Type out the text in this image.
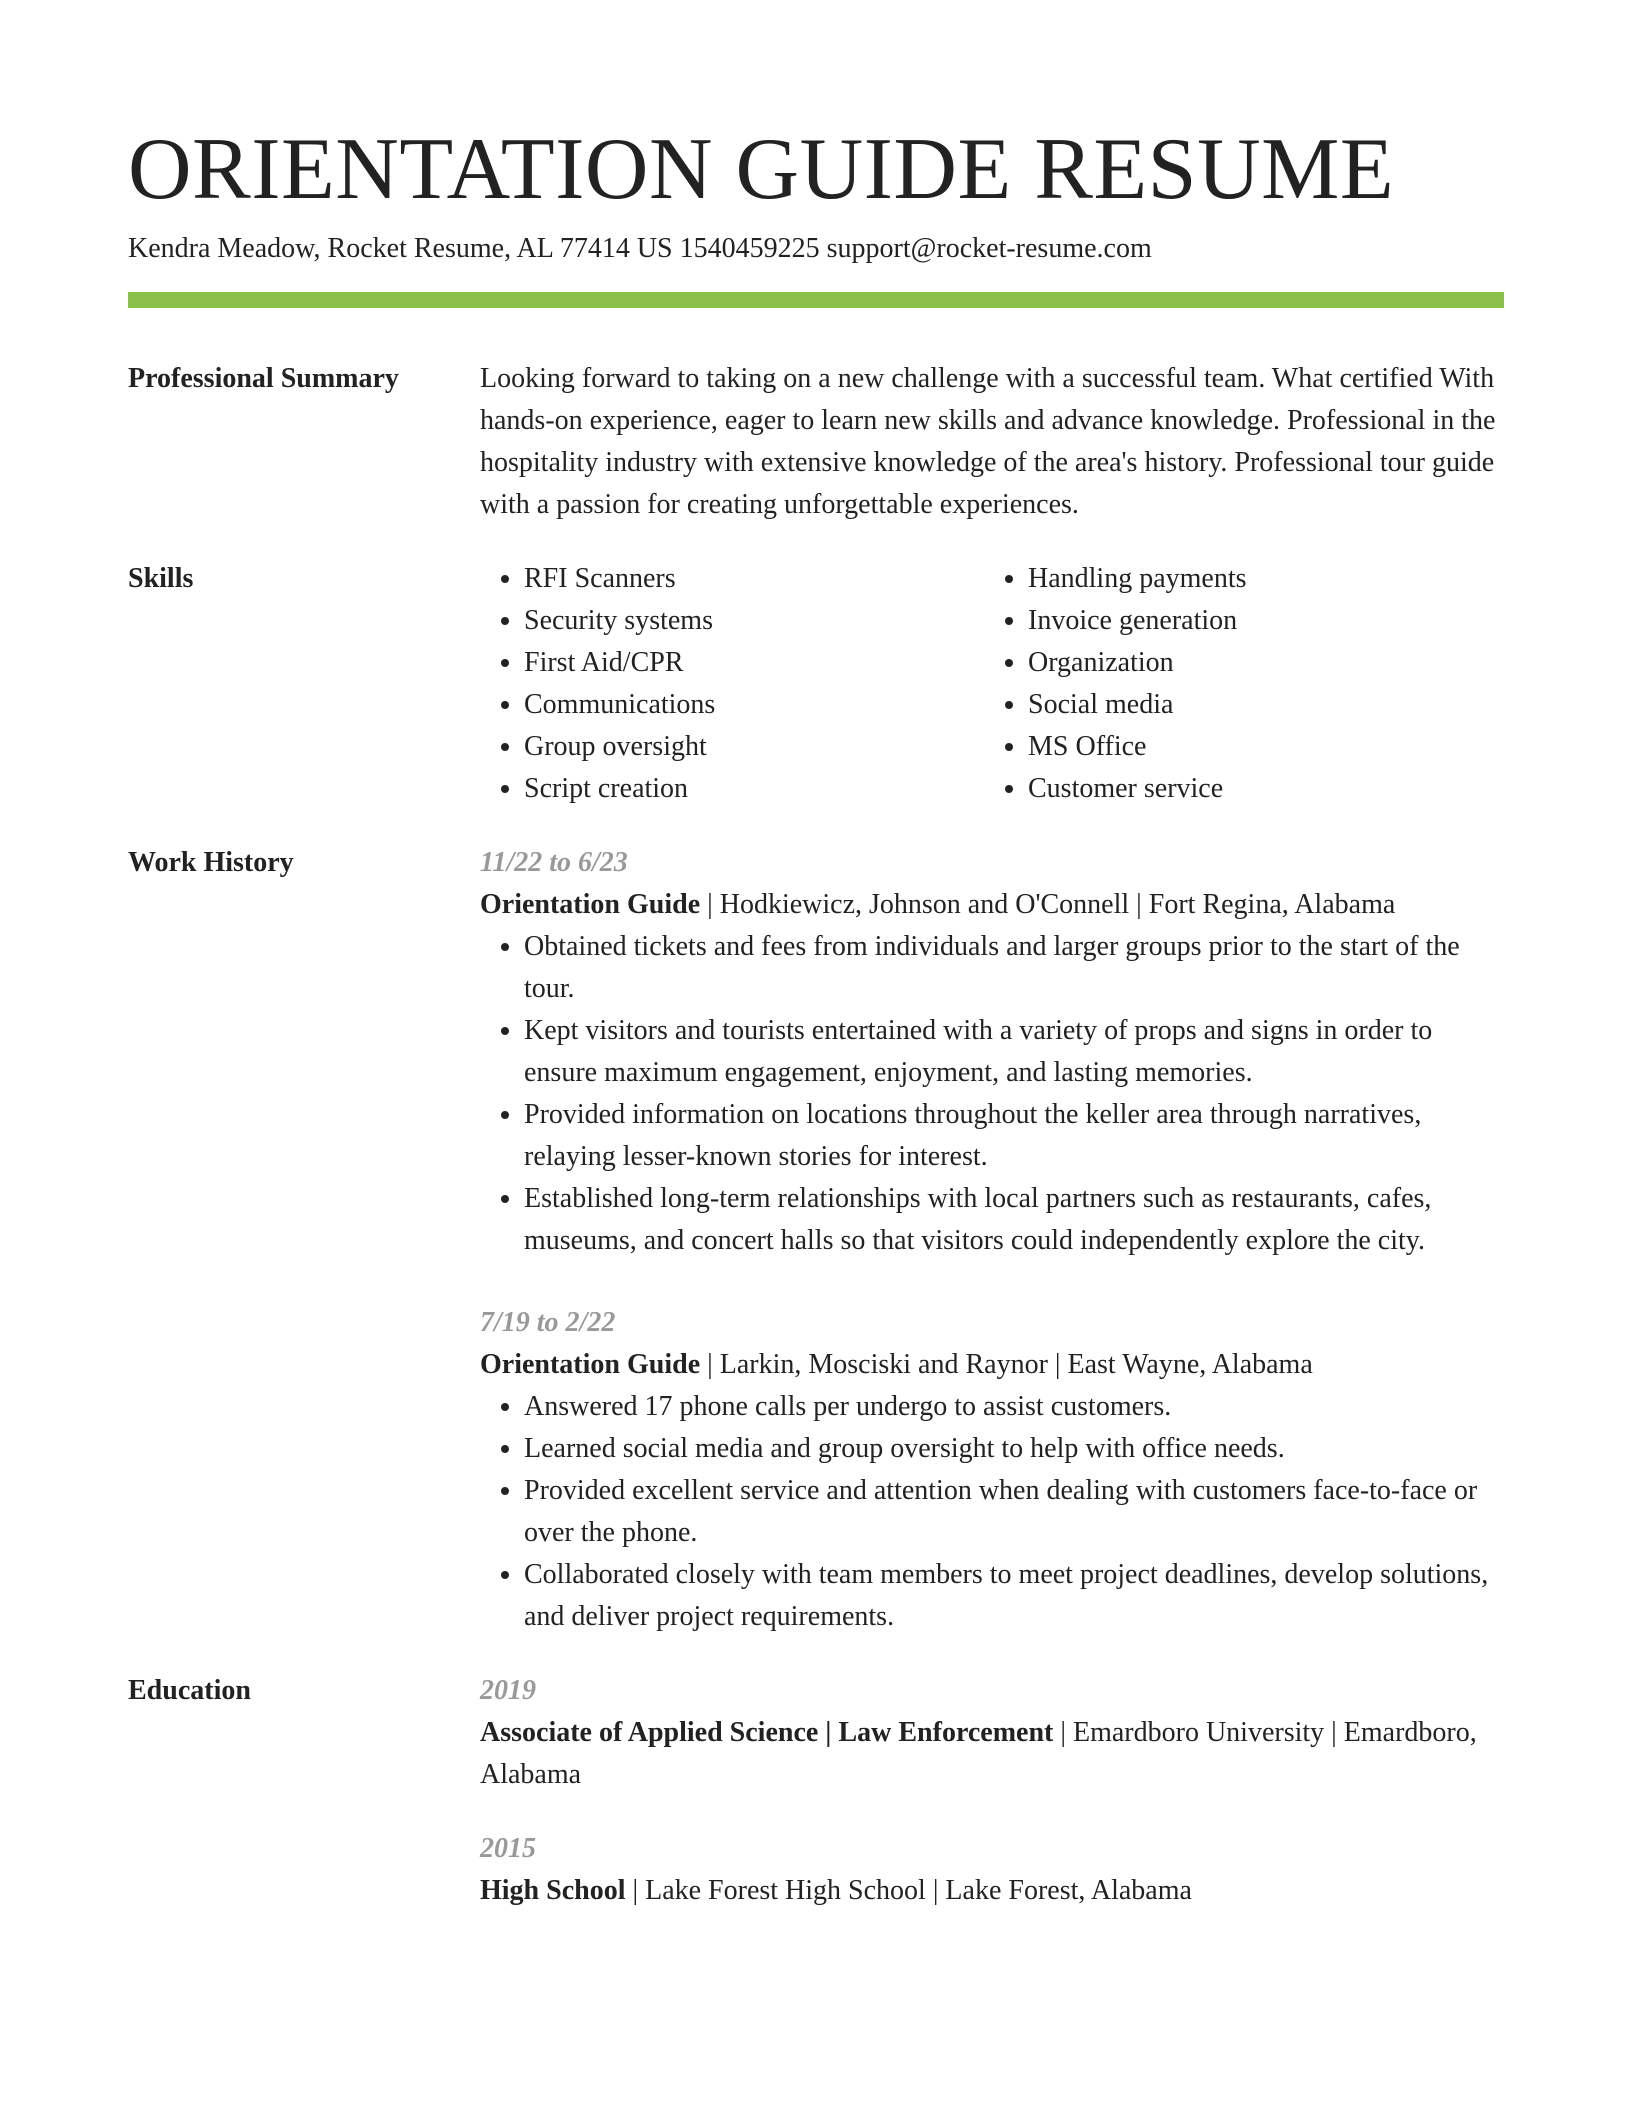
ORIENTATION GUIDE RESUME
Kendra Meadow, Rocket Resume, AL 77414 US 1540459225 support@rocket-resume.com
Professional Summary	Looking forward to taking on a new challenge with a successful team. What certified With hands-on experience, eager to learn new skills and advance knowledge. Professional in the hospitality industry with extensive knowledge of the area's history. Professional tour guide with a passion for creating unforgettable experiences.
Skills
•	RFI Scanners
• Security systems
• First Aid/CPR
• Communications
• Group oversight
• Script creation
• Handling payments
• Invoice generation
• Organization
• Social media
• MS Office
• Customer service
Work History	11/22 to 6/23
Orientation Guide | Hodkiewicz, Johnson and O'Connell | Fort Regina, Alabama
• Obtained tickets and fees from individuals and larger groups prior to the start of the tour.
• Kept visitors and tourists entertained with a variety of props and signs in order to ensure maximum engagement, enjoyment, and lasting memories.
• Provided information on locations throughout the keller area through narratives, relaying lesser-known stories for interest.
• Established long-term relationships with local partners such as restaurants, cafes, museums, and concert halls so that visitors could independently explore the city.
7/19 to 2/22
Orientation Guide | Larkin, Mosciski and Raynor | East Wayne, Alabama
• Answered 17 phone calls per undergo to assist customers.
• Learned social media and group oversight to help with office needs.
• Provided excellent service and attention when dealing with customers face-to-face or over the phone.
• Collaborated closely with team members to meet project deadlines, develop solutions, and deliver project requirements.
Education	2019
Associate of Applied Science | Law Enforcement | Emardboro University | Emardboro, Alabama
2015
High School | Lake Forest High School | Lake Forest, Alabama
